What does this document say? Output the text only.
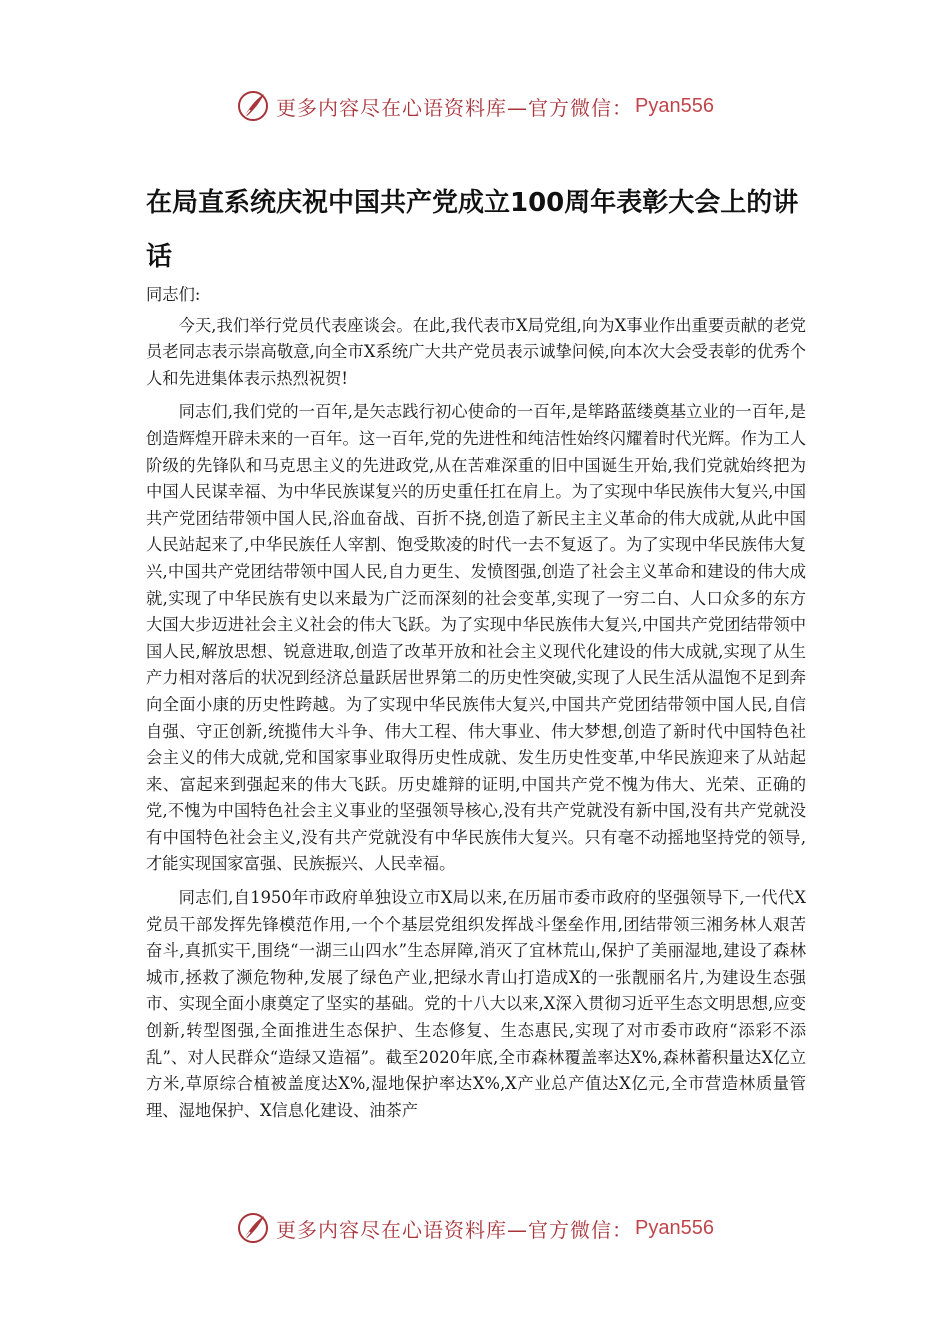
更多内容尽在心语资料库—官方微信： Pyan556
在局直系统庆祝中国共产党成立100周年表彰大会上的讲话

同志们:

今天,我们举行党员代表座谈会。在此,我代表市X局党组,向为X事业作出重要贡献的老党员老同志表示崇高敬意,向全市X系统广大共产党员表示诚挚问候,向本次大会受表彰的优秀个人和先进集体表示热烈祝贺!

同志们,我们党的一百年,是矢志践行初心使命的一百年,是筚路蓝缕奠基立业的一百年,是创造辉煌开辟未来的一百年。这一百年,党的先进性和纯洁性始终闪耀着时代光辉。作为工人阶级的先锋队和马克思主义的先进政党,从在苦难深重的旧中国诞生开始,我们党就始终把为中国人民谋幸福、为中华民族谋复兴的历史重任扛在肩上。为了实现中华民族伟大复兴,中国共产党团结带领中国人民,浴血奋战、百折不挠,创造了新民主主义革命的伟大成就,从此中国人民站起来了,中华民族任人宰割、饱受欺凌的时代一去不复返了。为了实现中华民族伟大复兴,中国共产党团结带领中国人民,自力更生、发愤图强,创造了社会主义革命和建设的伟大成就,实现了中华民族有史以来最为广泛而深刻的社会变革,实现了一穷二白、人口众多的东方大国大步迈进社会主义社会的伟大飞跃。为了实现中华民族伟大复兴,中国共产党团结带领中国人民,解放思想、锐意进取,创造了改革开放和社会主义现代化建设的伟大成就,实现了从生产力相对落后的状况到经济总量跃居世界第二的历史性突破,实现了人民生活从温饱不足到奔向全面小康的历史性跨越。为了实现中华民族伟大复兴,中国共产党团结带领中国人民,自信自强、守正创新,统揽伟大斗争、伟大工程、伟大事业、伟大梦想,创造了新时代中国特色社会主义的伟大成就,党和国家事业取得历史性成就、发生历史性变革,中华民族迎来了从站起来、富起来到强起来的伟大飞跃。历史雄辩的证明,中国共产党不愧为伟大、光荣、正确的党,不愧为中国特色社会主义事业的坚强领导核心,没有共产党就没有新中国,没有共产党就没有中国特色社会主义,没有共产党就没有中华民族伟大复兴。只有毫不动摇地坚持党的领导,才能实现国家富强、民族振兴、人民幸福。

同志们,自1950年市政府单独设立市X局以来,在历届市委市政府的坚强领导下,一代代X党员干部发挥先锋模范作用,一个个基层党组织发挥战斗堡垒作用,团结带领三湘务林人艰苦奋斗,真抓实干,围绕“一湖三山四水”生态屏障,消灭了宜林荒山,保护了美丽湿地,建设了森林城市,拯救了濒危物种,发展了绿色产业,把绿水青山打造成X的一张靓丽名片,为建设生态强市、实现全面小康奠定了坚实的基础。党的十八大以来,X深入贯彻习近平生态文明思想,应变创新,转型图强,全面推进生态保护、生态修复、生态惠民,实现了对市委市政府“添彩不添乱”、对人民群众“造绿又造福”。截至2020年底,全市森林覆盖率达X%,森林蓄积量达X亿立方米,草原综合植被盖度达X%,湿地保护率达X%,X产业总产值达X亿元,全市营造林质量管理、湿地保护、X信息化建设、油茶产

更多内容尽在心语资料库—官方微信： Pyan556
